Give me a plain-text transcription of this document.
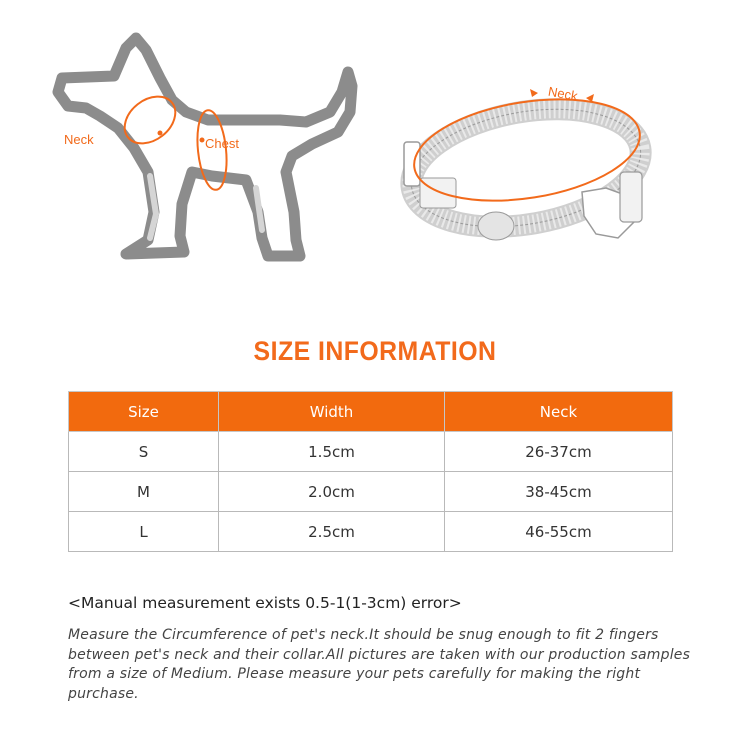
Neck	Chest
Neck
SIZE INFORMATION
Size	Width	Neck
S	1.5cm	26-37cm
M	2.0cm	38-45cm
L	2.5cm	46-55cm
<Manual measurement exists 0.5-1(1-3cm) error>
Measure the Circumference of pet's neck.It should be snug enough to fit 2 fingers between pet's neck and their collar.All pictures are taken with our production samples from a size of Medium. Please measure your pets carefully for making the right purchase.
